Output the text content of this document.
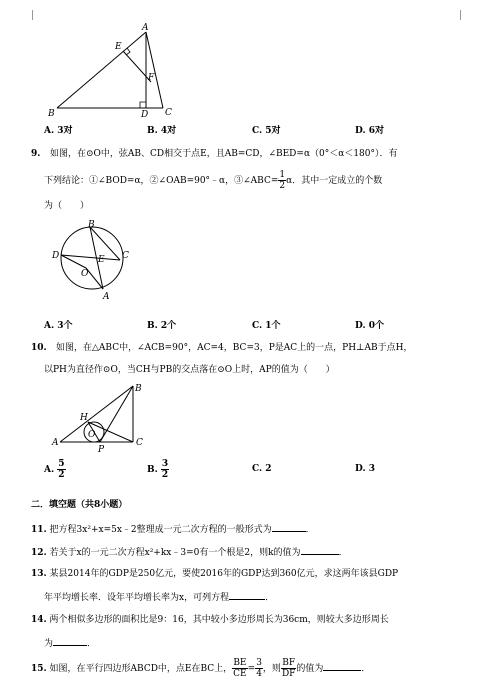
A
E
F
B	D C
A. 3对	B. 4对	C. 5对	D. 6对
9. 如图，在⊙O中，弦AB、CD相交于点E，且AB=CD，∠BED=α（0°＜α＜180°）．有
下列结论：①∠BOD=α，②∠OAB=90°﹣α，③∠ABC= $\frac{1}{2}$ α．其中一定成立的个数
为（　　）
B
D	C
E
O
A
A. 3个	B. 2个	C. 1个	D. 0个
10. 如图，在△ABC中，∠ACB=90°，AC=4，BC=3，P是AC上的一点，PH⊥AB于点H，
以PH为直径作⊙O，当CH与PB的交点落在⊙O上时，AP的值为（　　）
B
H
O
A
P
C
A. $\frac{5}{2}$	B. $\frac{3}{2}$	C. 2	D. 3
二．填空题（共8小题）
11. 把方程3x²+x=5x﹣2整理成一元二次方程的一般形式为	．
12. 若关于x的一元二次方程x²+kx﹣3=0有一个根是2，则k的值为	．
13. 某县2014年的GDP是250亿元，要使2016年的GDP达到360亿元，求这两年该县GDP
年平均增长率．设年平均增长率为x，可列方程	．
14. 两个相似多边形的面积比是9：16，其中较小多边形周长为36cm，则较大多边形周长
为	．
15. 如图，在平行四边形ABCD中，点E在BC上， $\frac{BE}{CE} = \frac{3}{4}$ ，则 $\frac{BF}{DF}$ 的值为	．
